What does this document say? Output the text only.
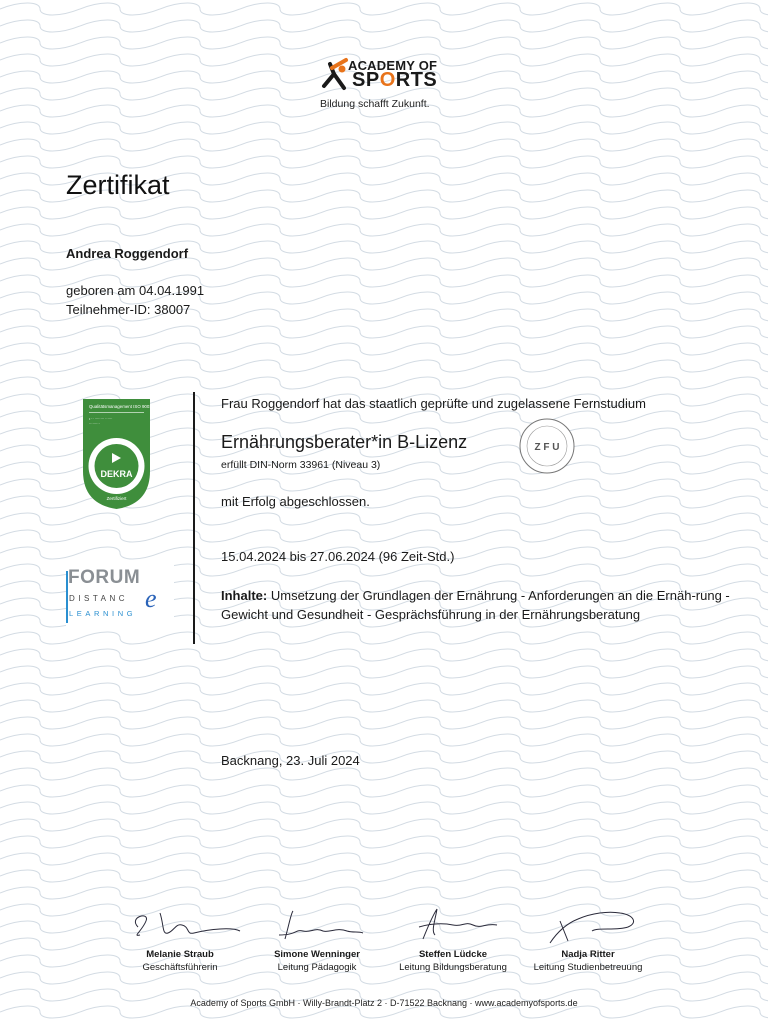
ACADEMY OF
SPORTS
Bildung schafft Zukunft.
Zertifikat
Andrea Roggendorf
geboren am 04.04.1991
Teilnehmer-ID: 38007
Qualitätsmanagement ISO 9001:2015
• ·· ········ ······
·········
DEKRA
Zertifiziert
FORUM
DISTANC e
LEARNING
Frau Roggendorf hat das staatlich geprüfte und zugelassene Fernstudium
Ernährungsberater*in B-Lizenz
erfüllt DIN-Norm 33961 (Niveau 3)
Z F U
mit Erfolg abgeschlossen.
15.04.2024 bis 27.06.2024 (96 Zeit-Std.)
Inhalte: Umsetzung der Grundlagen der Ernährung - Anforderungen an die Ernäh-rung - Gewicht und Gesundheit - Gesprächsführung in der Ernährungsberatung
Backnang, 23. Juli 2024
Melanie Straub
Geschäftsführerin
Simone Wenninger
Leitung Pädagogik
Steffen Lüdcke
Leitung Bildungsberatung
Nadja Ritter
Leitung Studienbetreuung
Academy of Sports GmbH · Willy-Brandt-Platz 2 · D-71522 Backnang · www.academyofsports.de
